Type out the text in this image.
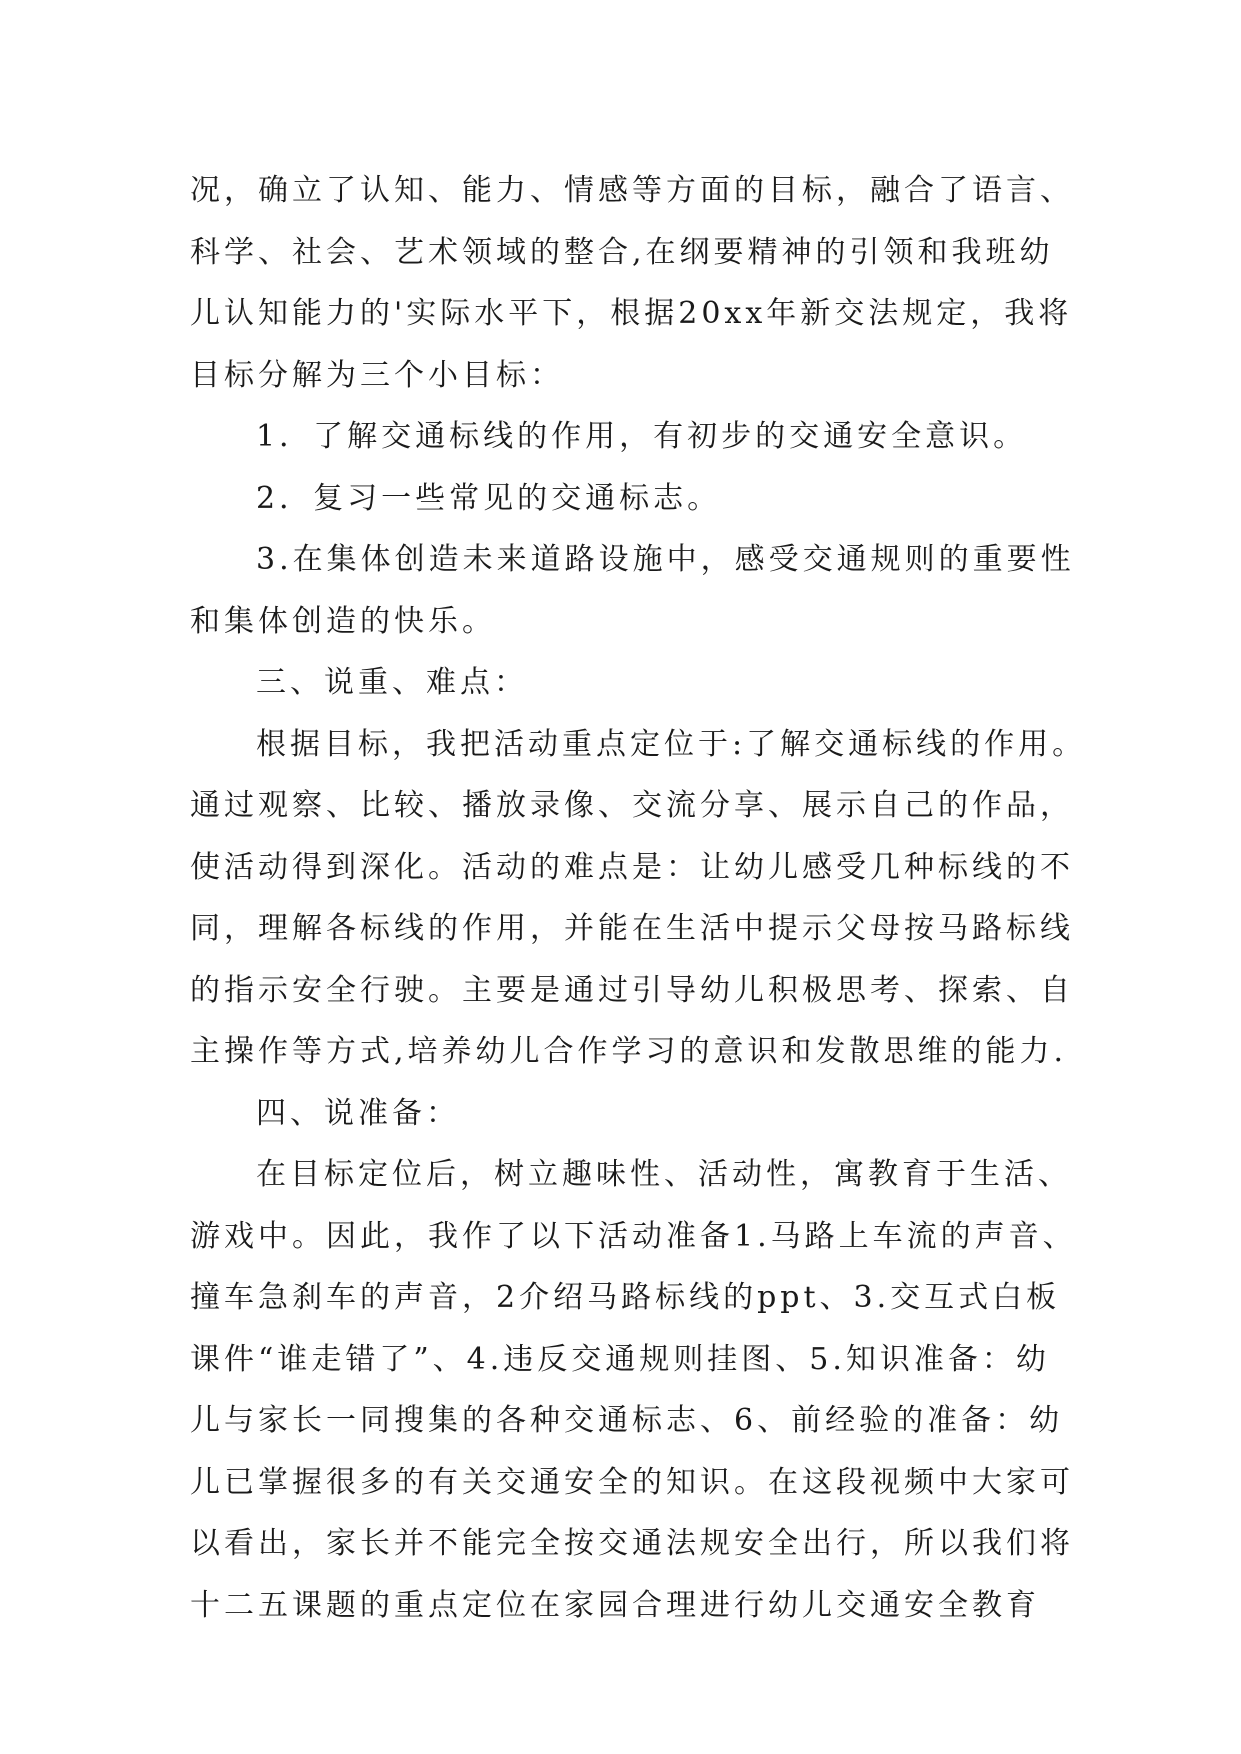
况，确立了认知、能力、情感等方面的目标，融合了语言、
科学、社会、艺术领域的整合,在纲要精神的引领和我班幼
儿认知能力的'实际水平下，根据20xx年新交法规定，我将
目标分解为三个小目标：
1．了解交通标线的作用，有初步的交通安全意识。
2．复习一些常见的交通标志。
3.在集体创造未来道路设施中，感受交通规则的重要性
和集体创造的快乐。
三、说重、难点：
根据目标，我把活动重点定位于:了解交通标线的作用。
通过观察、比较、播放录像、交流分享、展示自己的作品，
使活动得到深化。活动的难点是：让幼儿感受几种标线的不
同，理解各标线的作用，并能在生活中提示父母按马路标线
的指示安全行驶。主要是通过引导幼儿积极思考、探索、自
主操作等方式,培养幼儿合作学习的意识和发散思维的能力.
四、说准备：
在目标定位后，树立趣味性、活动性，寓教育于生活、
游戏中。因此，我作了以下活动准备1.马路上车流的声音、
撞车急刹车的声音，2介绍马路标线的ppt、3.交互式白板
课件“谁走错了”、4.违反交通规则挂图、5.知识准备：幼
儿与家长一同搜集的各种交通标志、6、前经验的准备：幼
儿已掌握很多的有关交通安全的知识。在这段视频中大家可
以看出，家长并不能完全按交通法规安全出行，所以我们将
十二五课题的重点定位在家园合理进行幼儿交通安全教育
